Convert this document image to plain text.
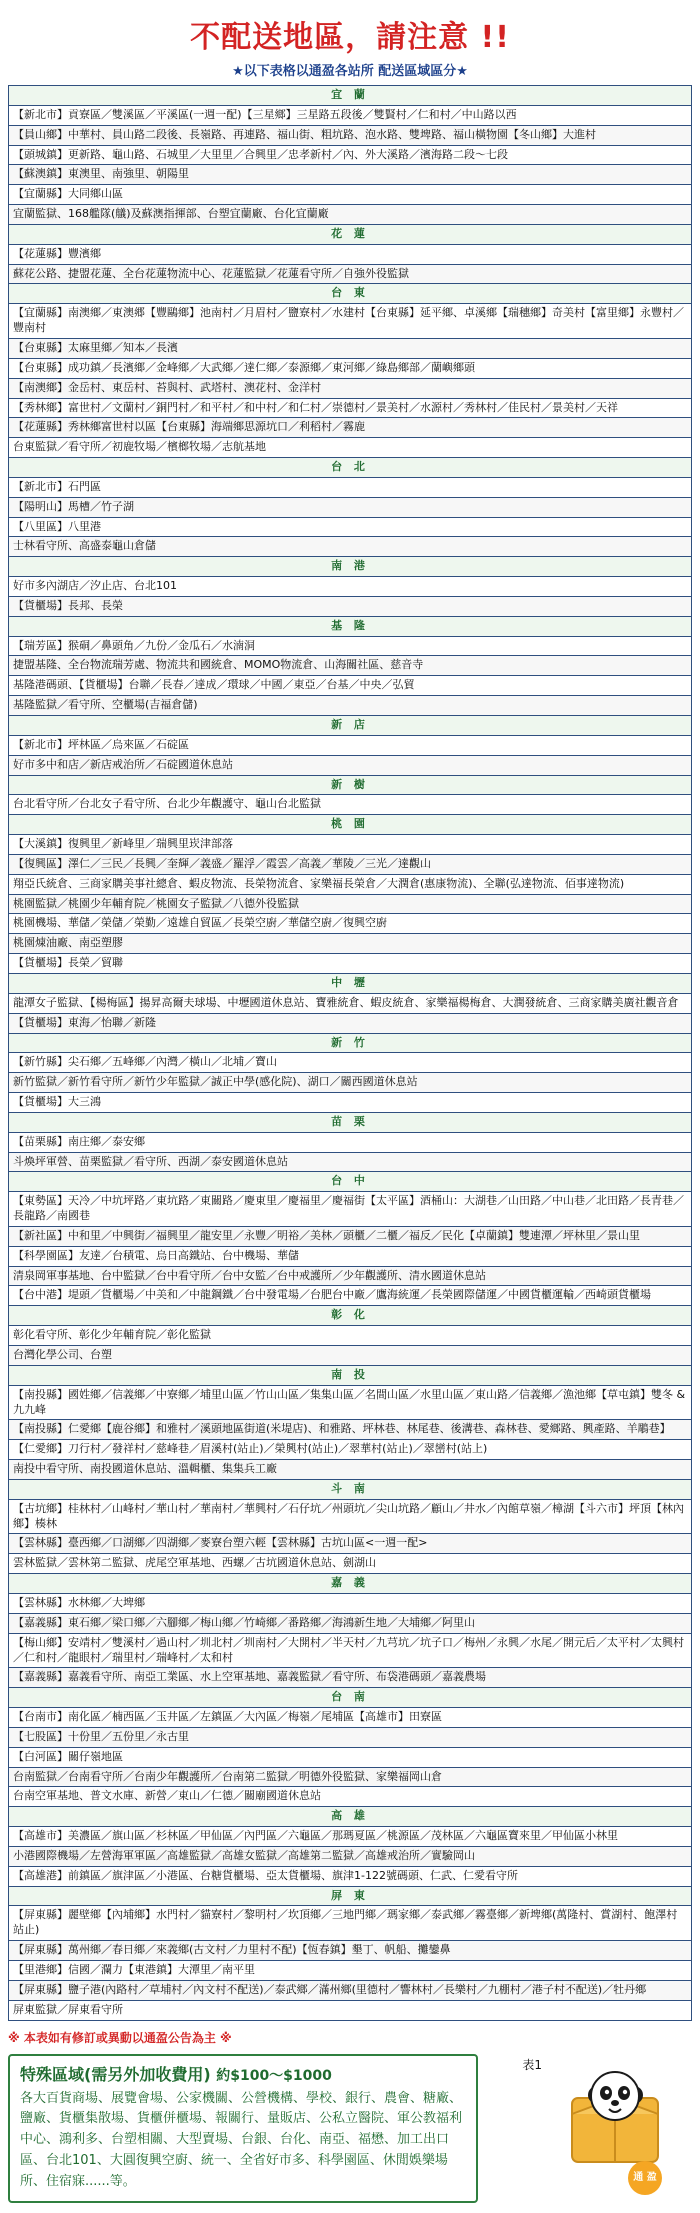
不配送地區，請注意 !!
★以下表格以通盈各站所 配送區域區分★
宜 蘭
【新北市】貢寮區／雙溪區／平溪區(一週一配)【三星鄉】三星路五段後／雙賢村／仁和村／中山路以西
【員山鄉】中華村、員山路二段後、長嶺路、再連路、福山街、粗坑路、泡水路、雙埤路、福山橫物園【冬山鄉】大進村
【頭城鎮】更新路、龜山路、石城里／大里里／合興里／忠孝新村／內、外大溪路／濱海路二段～七段
【蘇澳鎮】東澳里、南強里、朝陽里
【宜蘭縣】大同鄉山區
宜蘭監獄、168艦隊(艤)及蘇澳指揮部、台塑宜蘭廠、台化宜蘭廠
花 蓮
【花蓮縣】豐濱鄉
蘇花公路、捷盟花蓮、全台花蓮物流中心、花蓮監獄／花蓮看守所／自強外役監獄
台 東
【宜蘭縣】南澳鄉／東澳郷【豐鷗鄉】池南村／月眉村／鹽寮村／水建村【台東縣】延平鄉、卓溪鄉【瑞穗鄉】奇美村【富里鄉】永豐村／豐南村
【台東縣】太麻里鄉／知本／長濱
【台東縣】成功鎮／長濱鄉／金峰鄉／大武鄉／達仁鄉／泰源鄉／東河鄉／綠島鄉部／蘭嶼鄉頭
【南澳鄉】金岳村、東岳村、苔與村、武塔村、澳花村、金洋村
【秀林鄉】富世村／文蘭村／銅門村／和平村／和中村／和仁村／崇德村／景美村／水源村／秀林村／佳民村／景美村／天祥
【花蓮縣】秀林鄉富世村以區【台東縣】海端鄉思源坑口／利稻村／霧鹿
台東監獄／看守所／初鹿牧場／檳榔牧場／志航基地
台 北
【新北市】石門區
【陽明山】馬槽／竹子湖
【八里區】八里港
士林看守所、高盛泰龜山倉儲
南 港
好市多內湖店／汐止店、台北101
【貨櫃場】長邦、長榮
基 隆
【瑞芳區】猴硐／鼻頭角／九份／金瓜石／水湳洞
捷盟基隆、全台物流瑞芳處、物流共和國統倉、MOMO物流倉、山海關社區、慈音寺
基隆港碼頭、【貨櫃場】台聯／長春／達成／環球／中國／東亞／台基／中央／弘貿
基隆監獄／看守所、空櫃場(吉福倉儲)
新 店
【新北市】坪林區／烏來區／石碇區
好市多中和店／新店戒治所／石碇國道休息站
新 樹
台北看守所／台北女子看守所、台北少年觀護守、龜山台北監獄
桃 園
【大溪鎮】復興里／新峰里／瑞興里崁津部落
【復興區】澤仁／三民／長興／奎輝／義盛／羅浮／霞雲／高義／華陵／三光／達觀山
翔亞氏統倉、三商家購美事社總倉、蝦皮物流、長榮物流倉、家樂福長榮倉／大潤倉(惠康物流)、全聯(弘達物流、佰事達物流)
桃園監獄／桃園少年輔育院／桃園女子監獄／八德外役監獄
桃園機場、華儲／榮儲／榮勤／遠雄自貿區／長榮空廚／華儲空廚／復興空廚
桃園煉油廠、南亞塑膠
【貨櫃場】長榮／貿聯
中 壢
龍潭女子監獄、【楊梅區】揚昇高爾夫球場、中壢國道休息站、寶雅統倉、蝦皮統倉、家樂福楊梅倉、大潤發統倉、三商家購美廣社觀音倉
【貨櫃場】東海／怡聯／新隆
新 竹
【新竹縣】尖石鄉／五峰鄉／內灣／橫山／北埔／寶山
新竹監獄／新竹看守所／新竹少年監獄／誠正中學(感化院)、湖口／關西國道休息站
【貨櫃場】大三鴻
苗 栗
【苗栗縣】南庄鄉／泰安鄉
斗煥坪軍營、苗栗監獄／看守所、西湖／泰安國道休息站
台 中
【東勢區】天冷／中坑坪路／東坑路／東關路／慶東里／慶福里／慶福街【太平區】酒桶山：大湖巷／山田路／中山巷／北田路／長青巷／長龍路／南國巷
【新社區】中和里／中興街／福興里／龍安里／永豐／明裕／美林／頭櫃／二櫃／福反／民化【卓蘭鎮】雙連潭／坪林里／景山里
【科學園區】友達／台積電、烏日高鐵站、台中機場、華儲
清泉岡軍事基地、台中監獄／台中看守所／台中女監／台中戒護所／少年觀護所、清水國道休息站
【台中港】堤頭／貨櫃場／中美和／中龍鋼鐵／台中發電場／台肥台中廠／鷹海統運／長榮國際儲運／中國貨櫃運輸／西崎頭貨櫃場
彰 化
彰化看守所、彰化少年輔育院／彰化監獄
台灣化學公司、台塑
南 投
【南投縣】國姓鄉／信義鄉／中寮鄉／埔里山區／竹山山區／集集山區／名間山區／水里山區／東山路／信義鄉／漁池鄉【草屯鎮】雙冬 & 九九峰
【南投縣】仁愛鄉【鹿谷鄉】和雅村／溪頭地區街道(米堤店)、和雅路、坪林巷、林尾巷、後溝巷、森林巷、愛鄉路、興產路、羊鵰巷】
【仁愛鄉】刀行村／發祥村／慈峰巷／眉溪村(站止)／榮興村(站止)／翠華村(站止)／翠巒村(站上)
南投中看守所、南投國道休息站、溫輯櫃、集集兵工廠
斗 南
【古坑鄉】桂林村／山峰村／華山村／華南村／華興村／石仔坑／州頭坑／尖山坑路／顧山／井水／內館草嶺／樟湖【斗六市】坪頂【林內鄉】楱林
【雲林縣】臺西鄉／口湖鄉／四湖鄉／麥寮台塑六輕【雲林縣】古坑山區<一週一配>
雲林監獄／雲林第二監獄、虎尾空軍基地、西螺／古坑國道休息站、劍湖山
嘉 義
【雲林縣】水林鄉／大埤鄉
【嘉義縣】東石鄉／梁口鄉／六腳鄉／梅山鄉／竹崎鄉／番路鄉／海鴻新生地／大埔鄉／阿里山
【梅山鄉】安靖村／雙溪村／過山村／圳北村／圳南村／大開村／半天村／九芎坑／坑子口／梅州／永興／水尾／開元后／太平村／太興村／仁和村／龍眼村／瑞里村／瑞峰村／太和村
【嘉義縣】嘉義看守所、南亞工業區、水上空軍基地、嘉義監獄／看守所、布袋港碼頭／嘉義農場
台 南
【台南市】南化區／楠西區／玉井區／左鎮區／大內區／梅嶺／尾埔區【高雄市】田寮區
【七股區】十份里／五份里／永古里
【白河區】關仔嶺地區
台南監獄／台南看守所／台南少年觀護所／台南第二監獄／明德外役監獄、家樂福岡山倉
台南空軍基地、普文水庫、新營／東山／仁德／關廟國道休息站
高 雄
【高雄市】美濃區／旗山區／杉林區／甲仙區／內門區／六龜區／那瑪夏區／桃源區／茂林區／六龜區寶來里／甲仙區小林里
小港國際機場／左營海軍軍區／高雄監獄／高雄女監獄／高雄第二監獄／高雄戒治所／實驗岡山
【高雄港】前鎮區／旗津區／小港區、台糖貨櫃場、亞太貨櫃場、旗津1-122號碼頭、仁武、仁愛看守所
屏 東
【屏東縣】麗壁鄉【內埔鄉】水門村／貓寮村／黎明村／坎頂鄉／三地門鄉／瑪家鄉／泰武鄉／霧臺鄉／新埤鄉(萬隆村、賞湖村、飽澤村站止)
【屏東縣】萬州鄉／春日鄉／來義鄉(古文村／力里村不配)【恆春鎮】墾丁、帆船、攤鑾鼻
【里港鄉】信國／瀾力【東港鎮】大潭里／南平里
【屏東縣】鹽子港(內路村／草埔村／內文村不配送)／泰武鄉／滿州鄉(里德村／響林村／長樂村／九棚村／港子村不配送)／牡丹鄉
屏東監獄／屏東看守所
※ 本表如有修訂或異動以通盈公告為主 ※
表1
通 盈
特殊區域(需另外加收費用) 約$100～$1000
各大百貨商場、展覽會場、公家機關、公營機構、學校、銀行、農會、糖廠、鹽廠、貨櫃集散場、貨櫃併櫃場、報關行、量販店、公私立醫院、軍公教福利中心、鴻利多、台塑相關、大型賣場、台銀、台化、南亞、福懋、加工出口區、台北101、大圓復興空廚、統一、全省好市多、科學園區、休閒娛樂場所、住宿寐......等。
